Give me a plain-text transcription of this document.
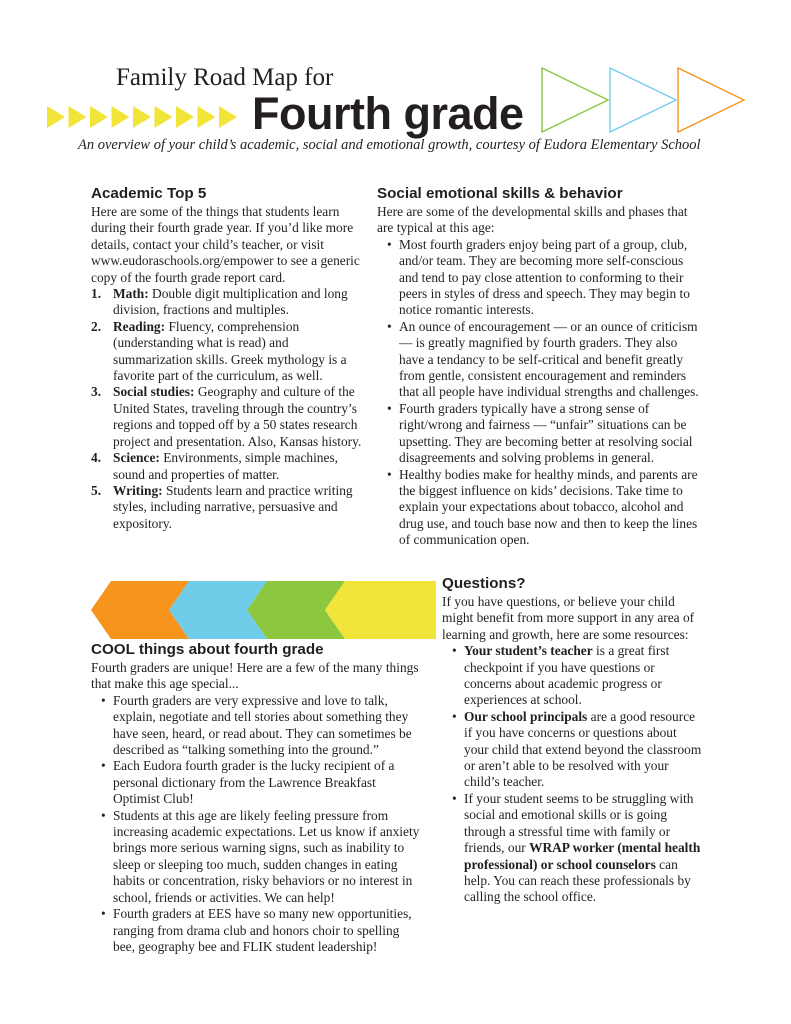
Family Road Map for
Fourth grade
An overview of your child’s academic, social and emotional growth, courtesy of Eudora Elementary School
Academic Top 5

Here are some of the things that students learn during their fourth grade year. If you’d like more details, contact your child’s teacher, or visit www.eudoraschools.org/empower to see a generic copy of the fourth grade report card.

1. Math: Double digit multiplication and long division, fractions and multiples.
2. Reading: Fluency, comprehension (understanding what is read) and summarization skills. Greek mythology is a favorite part of the curriculum, as well.
3. Social studies: Geography and culture of the United States, traveling through the country’s regions and topped off by a 50 states research project and presentation. Also, Kansas history.
4. Science: Environments, simple machines, sound and properties of matter.
5. Writing: Students learn and practice writing styles, including narrative, persuasive and expository.
Social emotional skills & behavior

Here are some of the developmental skills and phases that are typical at this age:

• Most fourth graders enjoy being part of a group, club, and/or team. They are becoming more self-conscious and tend to pay close attention to conforming to their peers in styles of dress and speech. They may begin to notice romantic interests.
• An ounce of encouragement — or an ounce of criticism — is greatly magnified by fourth graders. They also have a tendancy to be self-critical and benefit greatly from gentle, consistent encouragement and reminders that all people have individual strengths and challenges.
• Fourth graders typically have a strong sense of right/wrong and fairness — “unfair” situations can be upsetting. They are becoming better at resolving social disagreements and solving problems in general.
• Healthy bodies make for healthy minds, and parents are the biggest influence on kids’ decisions. Take time to explain your expectations about tobacco, alcohol and drug use, and touch base now and then to keep the lines of communication open.
COOL things about fourth grade

Fourth graders are unique! Here are a few of the many things that make this age special...

• Fourth graders are very expressive and love to talk, explain, negotiate and tell stories about something they have seen, heard, or read about. They can sometimes be described as “talking something into the ground.”
• Each Eudora fourth grader is the lucky recipient of a personal dictionary from the Lawrence Breakfast Optimist Club!
• Students at this age are likely feeling pressure from increasing academic expectations. Let us know if anxiety brings more serious warning signs, such as inability to sleep or sleeping too much, sudden changes in eating habits or concentration, risky behaviors or no interest in school, friends or activities. We can help!
• Fourth graders at EES have so many new opportunities, ranging from drama club and honors choir to spelling bee, geography bee and FLIK student leadership!
Questions?

If you have questions, or believe your child might benefit from more support in any area of learning and growth, here are some resources:

• Your student’s teacher is a great first checkpoint if you have questions or concerns about academic progress or experiences at school.
• Our school principals are a good resource if you have concerns or questions about your child that extend beyond the classroom or aren’t able to be resolved with your child’s teacher.
• If your student seems to be struggling with social and emotional skills or is going through a stressful time with family or friends, our WRAP worker (mental health professional) or school counselors can help. You can reach these professionals by calling the school office.
